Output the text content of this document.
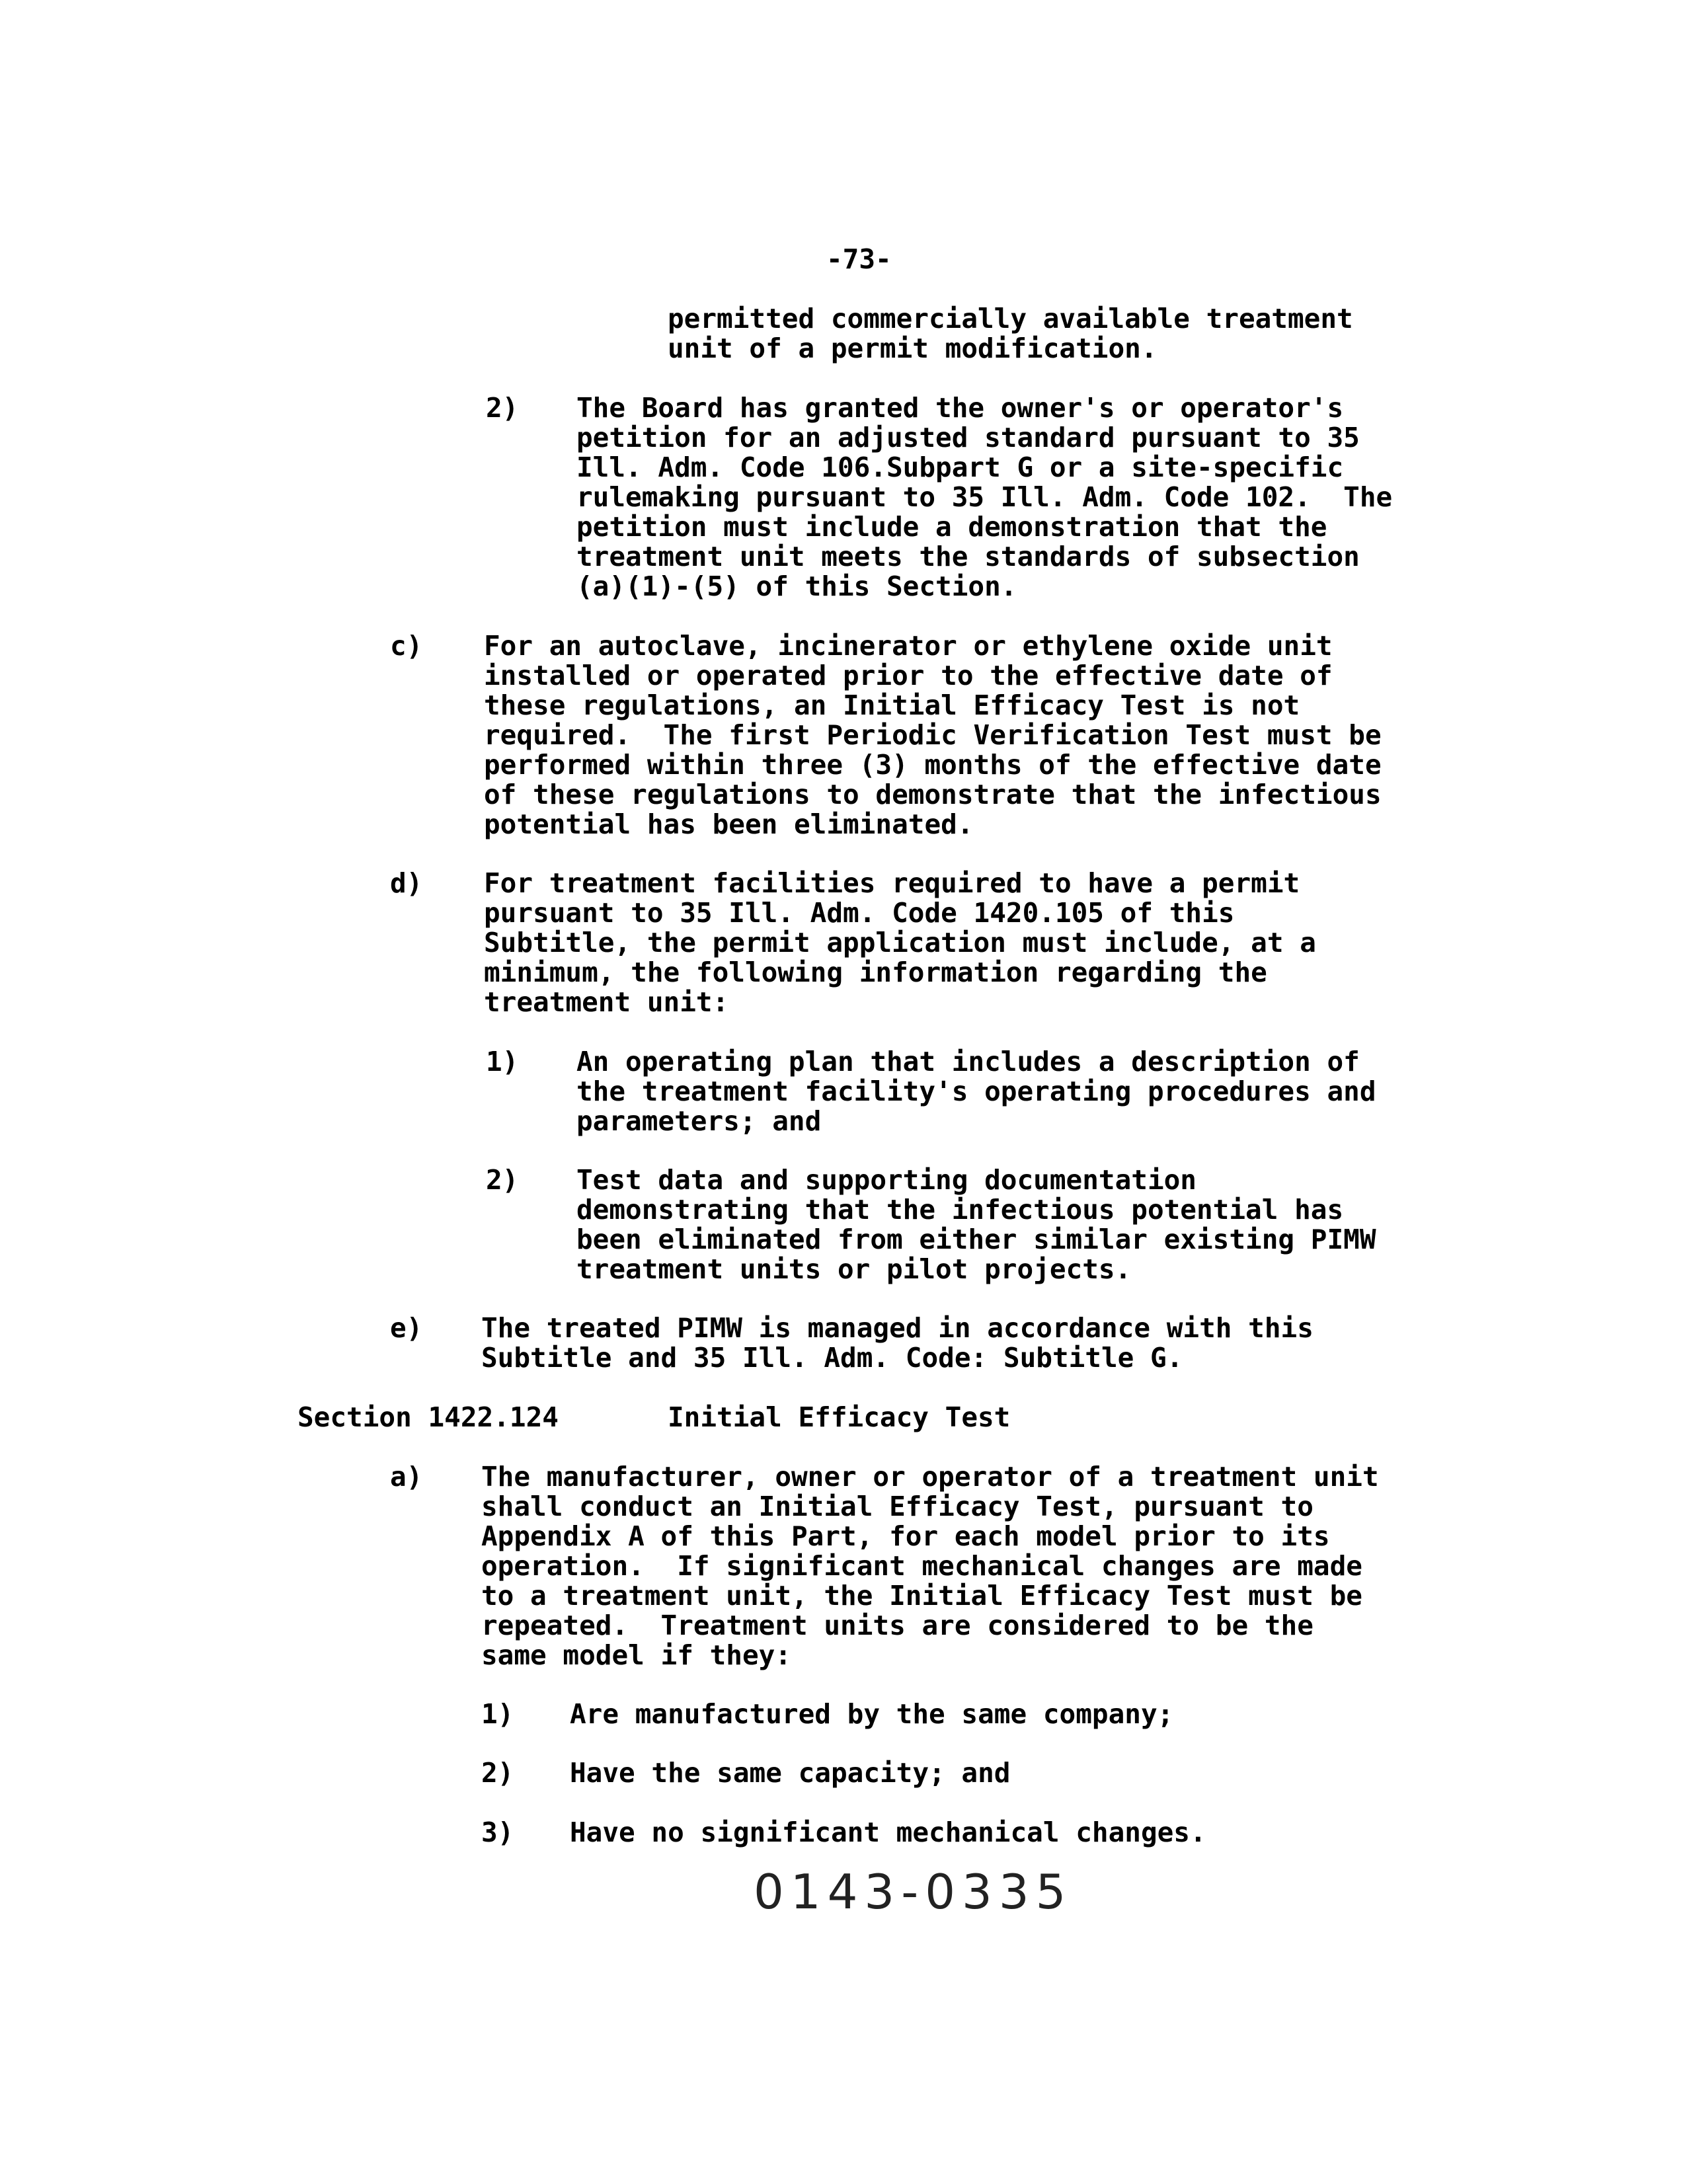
-73-
permitted commercially available treatment
unit of a permit modification.
2) The Board has granted the owner's or operator's
petition for an adjusted standard pursuant to 35
Ill. Adm. Code 106.Subpart G or a site-specific
rulemaking pursuant to 35 Ill. Adm. Code 102.  The
petition must include a demonstration that the
treatment unit meets the standards of subsection
(a)(1)-(5) of this Section.
c) For an autoclave, incinerator or ethylene oxide unit
installed or operated prior to the effective date of
these regulations, an Initial Efficacy Test is not
required.  The first Periodic Verification Test must be
performed within three (3) months of the effective date
of these regulations to demonstrate that the infectious
potential has been eliminated.
d) For treatment facilities required to have a permit
pursuant to 35 Ill. Adm. Code 1420.105 of this
Subtitle, the permit application must include, at a
minimum, the following information regarding the
treatment unit:
1) An operating plan that includes a description of
the treatment facility's operating procedures and
parameters; and
2) Test data and supporting documentation
demonstrating that the infectious potential has
been eliminated from either similar existing PIMW
treatment units or pilot projects.
e) The treated PIMW is managed in accordance with this
Subtitle and 35 Ill. Adm. Code: Subtitle G.
Section 1422.124	Initial Efficacy Test
a) The manufacturer, owner or operator of a treatment unit
shall conduct an Initial Efficacy Test, pursuant to
Appendix A of this Part, for each model prior to its
operation.  If significant mechanical changes are made
to a treatment unit, the Initial Efficacy Test must be
repeated.  Treatment units are considered to be the
same model if they:
1) Are manufactured by the same company;
2) Have the same capacity; and
3) Have no significant mechanical changes.
0143-0335
